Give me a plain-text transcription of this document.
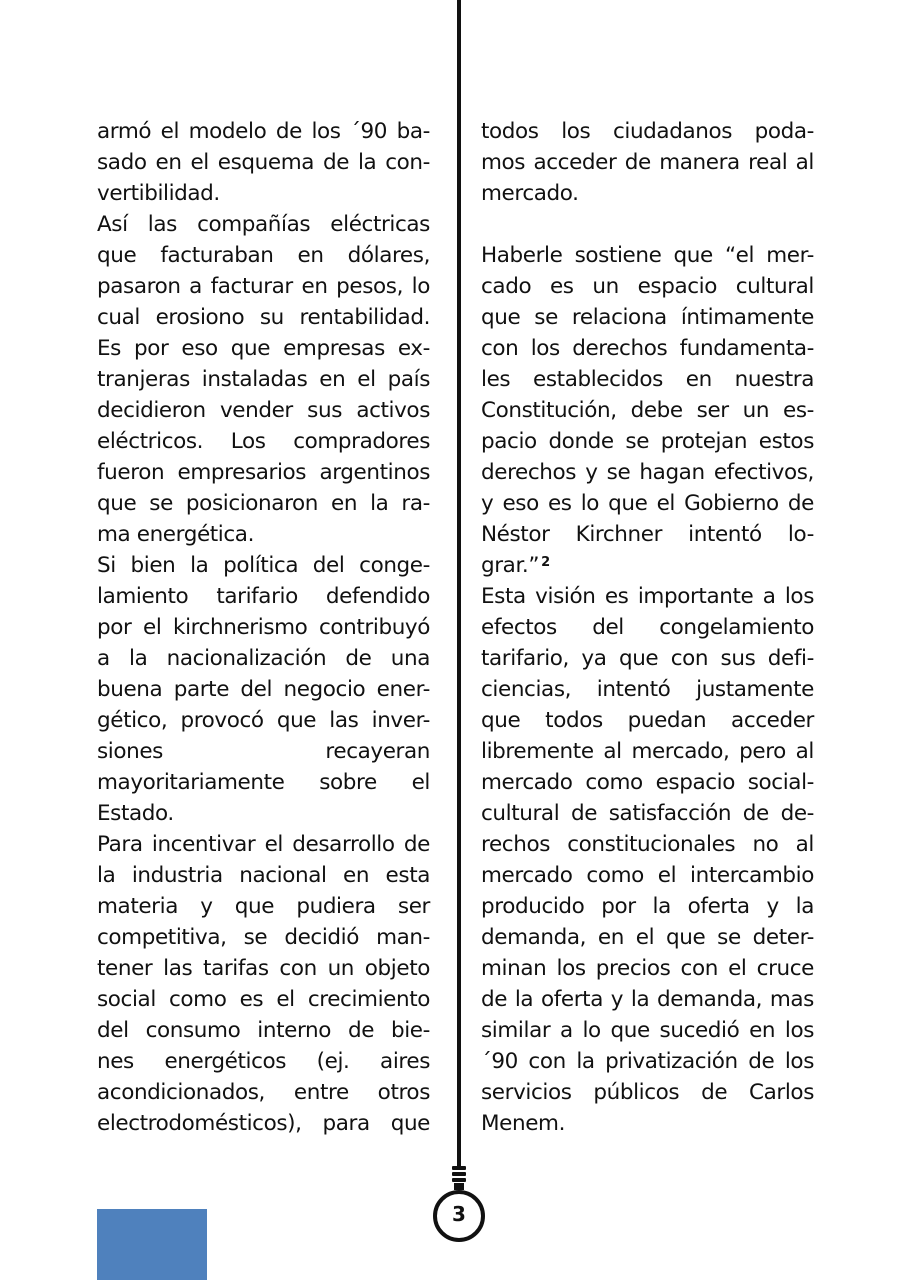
armó el modelo de los ´90 ba-
sado en el esquema de la con-
vertibilidad.
Así las compañías eléctricas
que facturaban en dólares,
pasaron a facturar en pesos, lo
cual erosiono su rentabilidad.
Es por eso que empresas ex-
tranjeras instaladas en el país
decidieron vender sus activos
eléctricos. Los compradores
fueron empresarios argentinos
que se posicionaron en la ra-
ma energética.
Si bien la política del conge-
lamiento tarifario defendido
por el kirchnerismo contribuyó
a la nacionalización de una
buena parte del negocio ener-
gético, provocó que las inver-
siones recayeran
mayoritariamente sobre el
Estado.
Para incentivar el desarrollo de
la industria nacional en esta
materia y que pudiera ser
competitiva, se decidió man-
tener las tarifas con un objeto
social como es el crecimiento
del consumo interno de bie-
nes energéticos (ej. aires
acondicionados, entre otros
electrodomésticos), para que
todos los ciudadanos poda-
mos acceder de manera real al
mercado.
Haberle sostiene que “el mer-
cado es un espacio cultural
que se relaciona íntimamente
con los derechos fundamenta-
les establecidos en nuestra
Constitución, debe ser un es-
pacio donde se protejan estos
derechos y se hagan efectivos,
y eso es lo que el Gobierno de
Néstor Kirchner intentó lo-
grar.” $^2$
Esta visión es importante a los
efectos del congelamiento
tarifario, ya que con sus defi-
ciencias, intentó justamente
que todos puedan acceder
libremente al mercado, pero al
mercado como espacio social-
cultural de satisfacción de de-
rechos constitucionales no al
mercado como el intercambio
producido por la oferta y la
demanda, en el que se deter-
minan los precios con el cruce
de la oferta y la demanda, mas
similar a lo que sucedió en los
´90 con la privatización de los
servicios públicos de Carlos
Menem.
3
